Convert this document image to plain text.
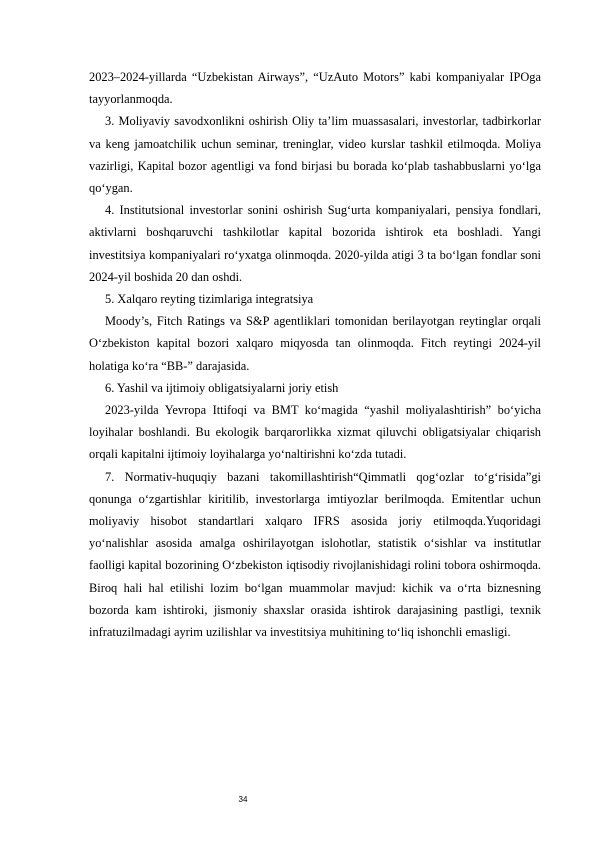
2023–2024-yillarda “Uzbekistan Airways”, “UzAuto Motors” kabi kompaniyalar IPOga tayyorlanmoqda.

3. Moliyaviy savodxonlikni oshirish Oliy ta’lim muassasalari, investorlar, tadbirkorlar va keng jamoatchilik uchun seminar, treninglar, video kurslar tashkil etilmoqda. Moliya vazirligi, Kapital bozor agentligi va fond birjasi bu borada ko‘plab tashabbuslarni yo‘lga qo‘ygan.

4. Institutsional investorlar sonini oshirish Sug‘urta kompaniyalari, pensiya fondlari, aktivlarni boshqaruvchi tashkilotlar kapital bozorida ishtirok eta boshladi. Yangi investitsiya kompaniyalari ro‘yxatga olinmoqda. 2020-yilda atigi 3 ta bo‘lgan fondlar soni 2024-yil boshida 20 dan oshdi.

5. Xalqaro reyting tizimlariga integratsiya

Moody’s, Fitch Ratings va S&P agentliklari tomonidan berilayotgan reytinglar orqali O‘zbekiston kapital bozori xalqaro miqyosda tan olinmoqda. Fitch reytingi 2024-yil holatiga ko‘ra “BB-” darajasida.

6. Yashil va ijtimoiy obligatsiyalarni joriy etish

2023-yilda Yevropa Ittifoqi va BMT ko‘magida “yashil moliyalashtirish” bo‘yicha loyihalar boshlandi. Bu ekologik barqarorlikka xizmat qiluvchi obligatsiyalar chiqarish orqali kapitalni ijtimoiy loyihalarga yo‘naltirishni ko‘zda tutadi.

7. Normativ-huquqiy bazani takomillashtirish“Qimmatli qog‘ozlar to‘g‘risida”gi qonunga o‘zgartishlar kiritilib, investorlarga imtiyozlar berilmoqda. Emitentlar uchun moliyaviy hisobot standartlari xalqaro IFRS asosida joriy etilmoqda.Yuqoridagi yo‘nalishlar asosida amalga oshirilayotgan islohotlar, statistik o‘sishlar va institutlar faolligi kapital bozorining O‘zbekiston iqtisodiy rivojlanishidagi rolini tobora oshirmoqda. Biroq hali hal etilishi lozim bo‘lgan muammolar mavjud: kichik va o‘rta biznesning bozorda kam ishtiroki, jismoniy shaxslar orasida ishtirok darajasining pastligi, texnik infratuzilmadagi ayrim uzilishlar va investitsiya muhitining to‘liq ishonchli emasligi.

34
